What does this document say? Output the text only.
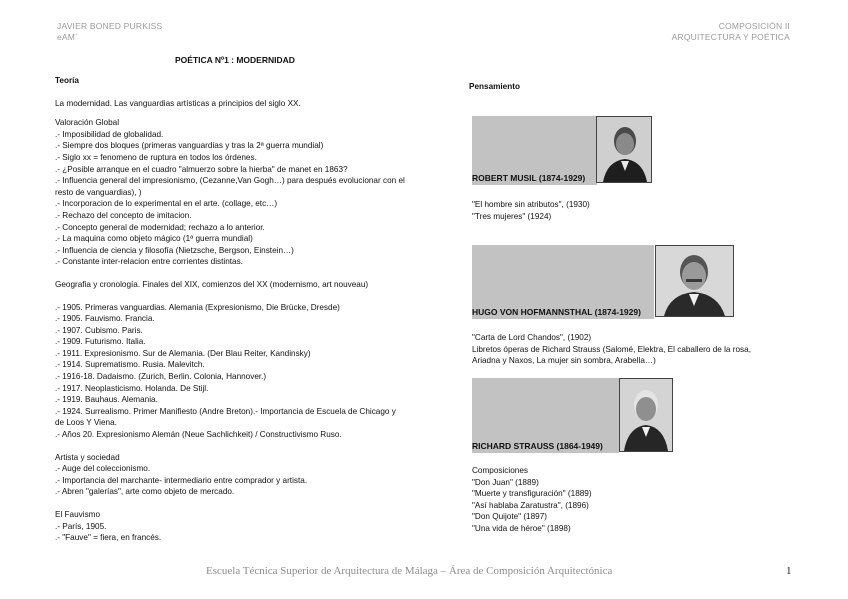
JAVIER BONED PURKISS
eAM´
COMPOSICIÓN II
ARQUITECTURA Y POÉTICA
POÉTICA Nº1 : MODERNIDAD
Teoría
La modernidad. Las vanguardias artísticas a principios del siglo XX.
Valoración Global
.- Imposibilidad de globalidad.
.- Siempre dos bloques (primeras vanguardias y tras la 2ª guerra mundial)
.- Siglo xx = fenomeno de ruptura en todos los órdenes.
.- ¿Posible arranque en el cuadro "almuerzo sobre la hierba" de manet en 1863?
.- Influencia general del impresionismo, (Cezanne,Van Gogh…) para después evolucionar con el
resto de vanguardias), )
.- Incorporacion de lo experimental en el arte. (collage, etc…)
.- Rechazo del concepto de imitacion.
.- Concepto general de modernidad; rechazo a lo anterior.
.- La maquina como objeto mágico (1ª guerra mundial)
.- Influencia de ciencia y filosofía (Nietzsche, Bergson, Einstein…)
.- Constante inter-relacion entre corrientes distintas.
Geografia y cronología. Finales del XIX, comienzos del XX (modernismo, art nouveau)
.- 1905. Primeras vanguardias. Alemania (Expresionismo, Die Brücke, Dresde)
.- 1905. Fauvismo. Francia.
.- 1907. Cubismo. Paris.
.- 1909. Futurismo. Italia.
.- 1911. Expresionismo. Sur de Alemania. (Der Blau Reiter, Kandinsky)
.- 1914. Suprematismo. Rusia. Malevitch.
.- 1916-18. Dadaismo. (Zurich, Berlin. Colonia, Hannover.)
.- 1917. Neoplasticismo. Holanda. De Stijl.
.- 1919. Bauhaus. Alemania.
.- 1924. Surrealismo. Primer Manifiesto (Andre Breton).- Importancia de Escuela de Chicago y
de Loos Y Viena.
.- Años 20. Expresionismo Alemán (Neue Sachlichkeit) / Constructivismo Ruso.
Artista y sociedad
.- Auge del coleccionismo.
.- Importancia del marchante- intermediario entre comprador y artista.
.- Abren "galerías", arte como objeto de mercado.
El Fauvismo
.- París, 1905.
.- "Fauve" = fiera, en francés.
Pensamiento
ROBERT MUSIL (1874-1929)
"El hombre sin atributos", (1930)
"Tres mujeres" (1924)
HUGO VON HOFMANNSTHAL (1874-1929)
"Carta de Lord Chandos", (1902)
Libretos óperas de Richard Strauss (Salomé, Elektra, El caballero de la rosa,
Ariadna y Naxos, La mujer sin sombra, Arabella…)
RICHARD STRAUSS (1864-1949)
Composiciones
"Don Juan" (1889)
"Muerte y transfiguración" (1889)
"Así hablaba Zaratustra", (1896)
"Don Quijote" (1897)
"Una vida de héroe" (1898)
Escuela Técnica Superior de Arquitectura de Málaga – Área de Composición Arquitectónica	1
